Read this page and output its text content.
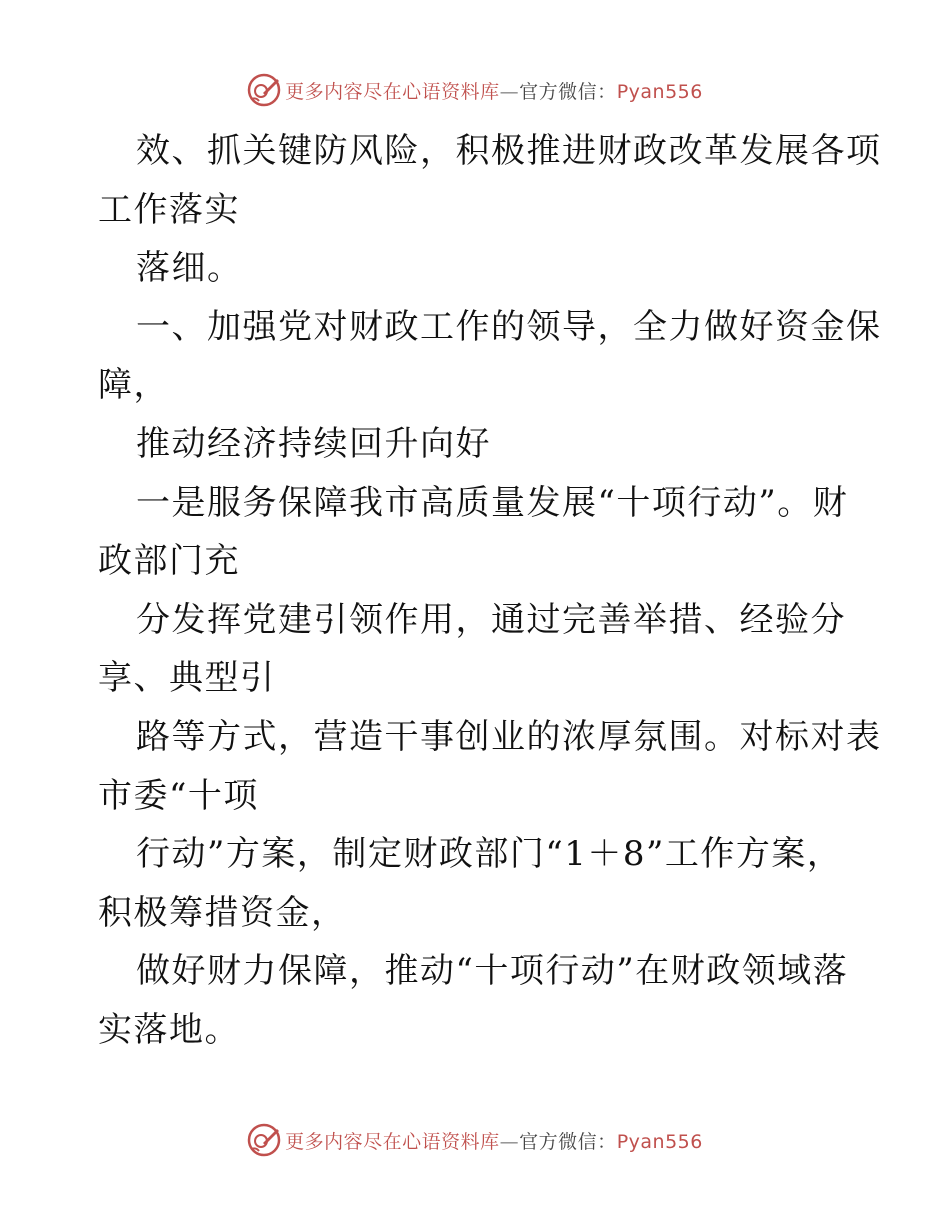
更多内容尽在心语资料库—官方微信：Pyan556
效、抓关键防风险，积极推进财政改革发展各项
工作落实
落细。
一、加强党对财政工作的领导，全力做好资金保
障，
推动经济持续回升向好
一是服务保障我市高质量发展“十项行动”。财
政部门充
分发挥党建引领作用，通过完善举措、经验分
享、典型引
路等方式，营造干事创业的浓厚氛围。对标对表
市委“十项
行动”方案，制定财政部门“1＋8”工作方案，
积极筹措资金，
做好财力保障，推动“十项行动”在财政领域落
实落地。
更多内容尽在心语资料库—官方微信：Pyan556
